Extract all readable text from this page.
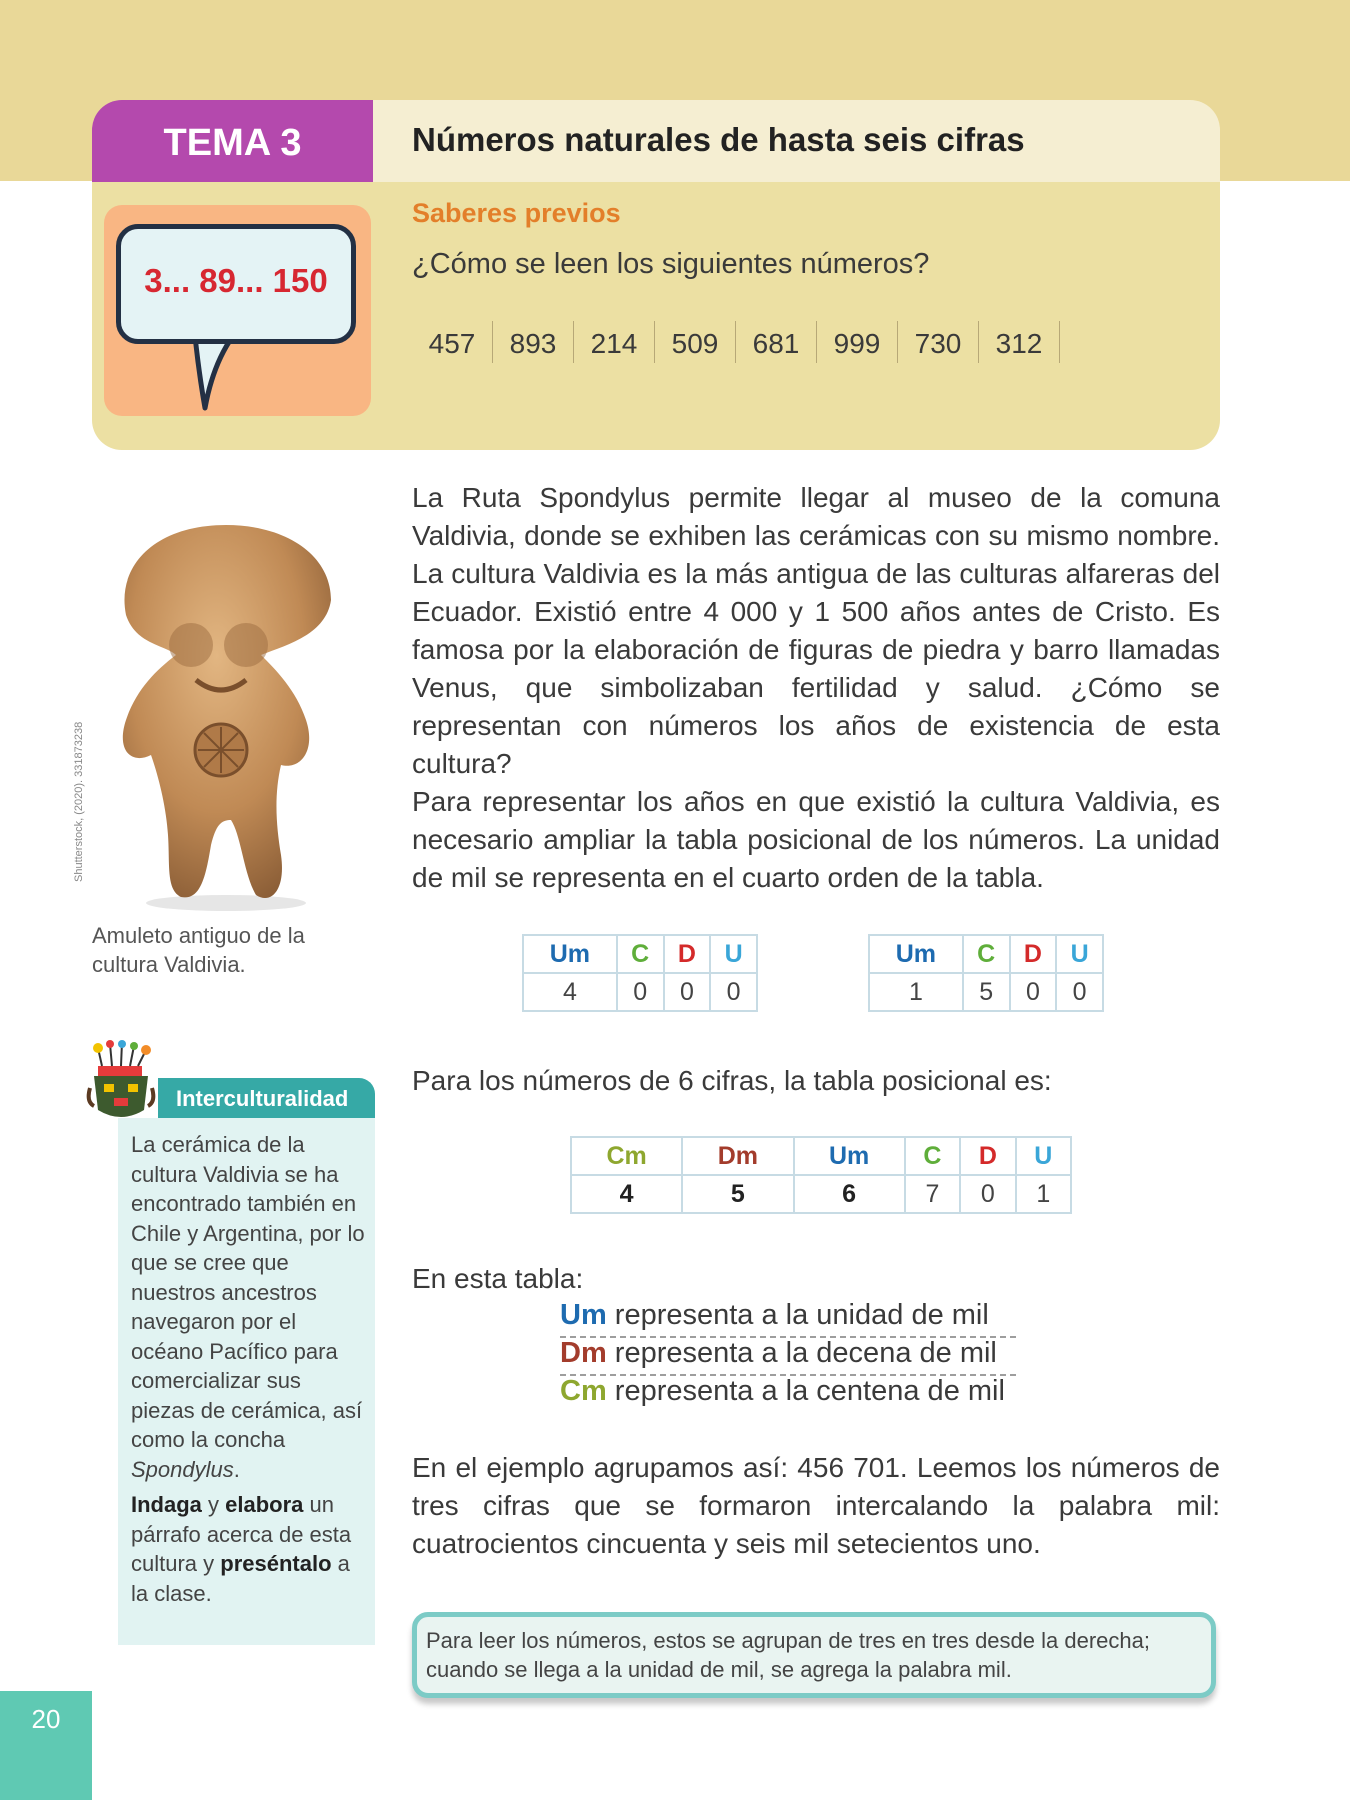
TEMA 3	Números naturales de hasta seis cifras
3... 89... 150
Saberes previos
¿Cómo se leen los siguientes números?
457	893	214	509	681	999	730	312
Shutterstock, (2020). 331873238
Amuleto antiguo de la cultura Valdivia.
La Ruta Spondylus permite llegar al museo de la comuna Valdivia, donde se exhiben las cerámicas con su mismo nombre. La cultura Valdivia es la más antigua de las culturas alfareras del Ecuador. Existió entre 4 000 y 1 500 años antes de Cristo. Es famosa por la elaboración de figuras de piedra y barro llamadas Venus, que simbolizaban fertilidad y salud. ¿Cómo se representan con números los años de existencia de esta cultura?
Para representar los años en que existió la cultura Valdivia, es necesario ampliar la tabla posicional de los números. La unidad de mil se representa en el cuarto orden de la tabla.
Um	C	D	U
4	0	0	0
Um	C	D	U
1	5	0	0
Para los números de 6 cifras, la tabla posicional es:
Cm	Dm	Um	C	D	U
4	5	6	7	0	1
En esta tabla:
Um representa a la unidad de mil
Dm representa a la decena de mil
Cm representa a la centena de mil
En el ejemplo agrupamos así: 456 701. Leemos los números de tres cifras que se formaron intercalando la palabra mil: cuatrocientos cincuenta y seis mil setecientos uno.
Interculturalidad
La cerámica de la cultura Valdivia se ha encontrado también en Chile y Argentina, por lo que se cree que nuestros ancestros navegaron por el océano Pacífico para comercializar sus piezas de cerámica, así como la concha Spondylus.
Indaga y elabora un párrafo acerca de esta cultura y preséntalo a la clase.
Para leer los números, estos se agrupan de tres en tres desde la derecha; cuando se llega a la unidad de mil, se agrega la palabra mil.
20
